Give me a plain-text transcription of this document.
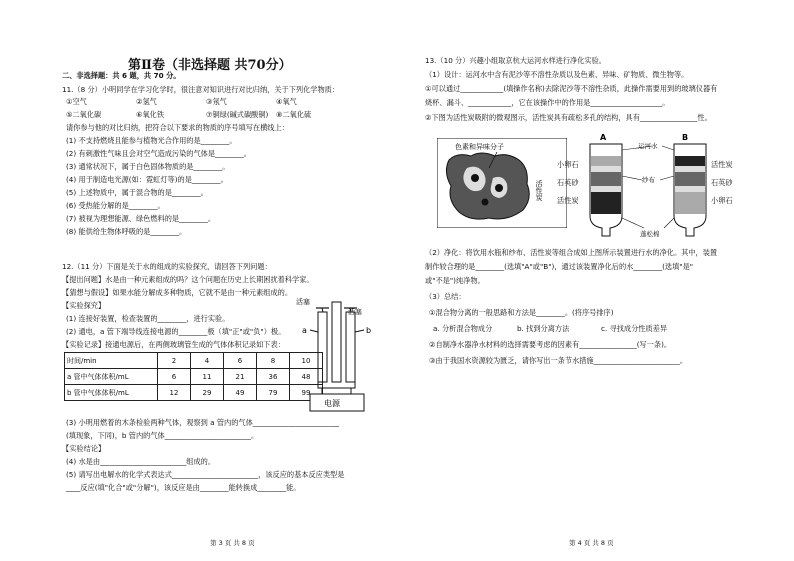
第Ⅱ卷（非选择题 共70分）
二、非选择题：共 6 题，共 70 分。
11.（8 分）小明同学在学习化学时，很注意对知识进行对比归纳，关于下列化学物质：
①空气	②氢气	③氖气	④氧气
⑤二氧化碳	⑥氧化铁	⑦铜绿(碱式碳酸铜) ⑧二氧化硫
请你参与他的对比归纳，把符合以下要求的物质的序号填写在横线上：
(1) 不支持燃烧且能参与植物光合作用的是________。
(2) 有刺激性气味且会对空气造成污染的气体是________。
(3) 通常状况下，属于白色固体物质的是________。
(4) 用于制造电光源(如：霓虹灯等)的是________。
(5) 上述物质中，属于混合物的是________。
(6) 受热能分解的是________。
(7) 被视为理想能源、绿色燃料的是________。
(8) 能供给生物体呼吸的是________。
12.（11 分）下面是关于水的组成的实验探究，请回答下列问题：
【提出问题】水是由一种元素组成的吗？这个问题在历史上长期困扰着科学家。
【猜想与假设】如果水能分解成多种物质，它就不是由一种元素组成的。
【实验探究】
(1) 连接好装置，检查装置的________，进行实验。
(2) 通电，a 管下端导线连接电源的________极（填"正"或"负"）极。
【实验记录】接通电源后，在两侧玻璃管生成的气体体积记录如下表：
时间/min	2	4	6	8	10
a 管中气体体积/mL	6	11	21	36	48
b 管中气体体积/mL	12	29	49	79	99
活塞
活塞
a	b
电源
(3) 小明用燃着的木条检验两种气体，观察到 a 管内的气体________________________
(填现象，下同)，b 管内的气体________________________。
【实验结论】
(4) 水是由________________________组成的。
(5) 请写出电解水的化学式表达式________________________，该反应的基本反应类型是
____反应(填"化合"或"分解")，该反应是由________能转换成________能。
第 3 页 共 8 页
13.（10 分）兴趣小组取京杭大运河水样进行净化实验。
（1）设计：运河水中含有泥沙等不溶性杂质以及色素、异味、矿物质、微生物等。
①可以通过____________(填操作名称)去除泥沙等不溶性杂质，此操作需要用到的玻璃仪器有
烧杯、漏斗、____________，它在该操作中的作用是____________________。
②下图为活性炭吸附的微观图示，活性炭具有疏松多孔的结构，具有________________性。
色素和异味分子
活性炭
A	B
运河水
纱布
蓬松棉
小卵石
石英砂
活性炭
活性炭
石英砂
小卵石
（2）净化：将饮用水瓶和纱布、活性炭等组合成如上图所示装置进行水的净化。其中，装置
制作较合理的是________(选填"A"或"B")，通过该装置净化后的水________(选填"是"
或"不是")纯净物。
（3）总结：
①混合物分离的一般思路和方法是________。(将序号排序)
a. 分析混合物成分	b. 找到分离方法	c. 寻找成分性质差异
②自制净水器净水材料的选择需要考虑的因素有________________(写一条)。
③由于我国水资源较为匮乏，请你写出一条节水措施________________________。
第 4 页 共 8 页
